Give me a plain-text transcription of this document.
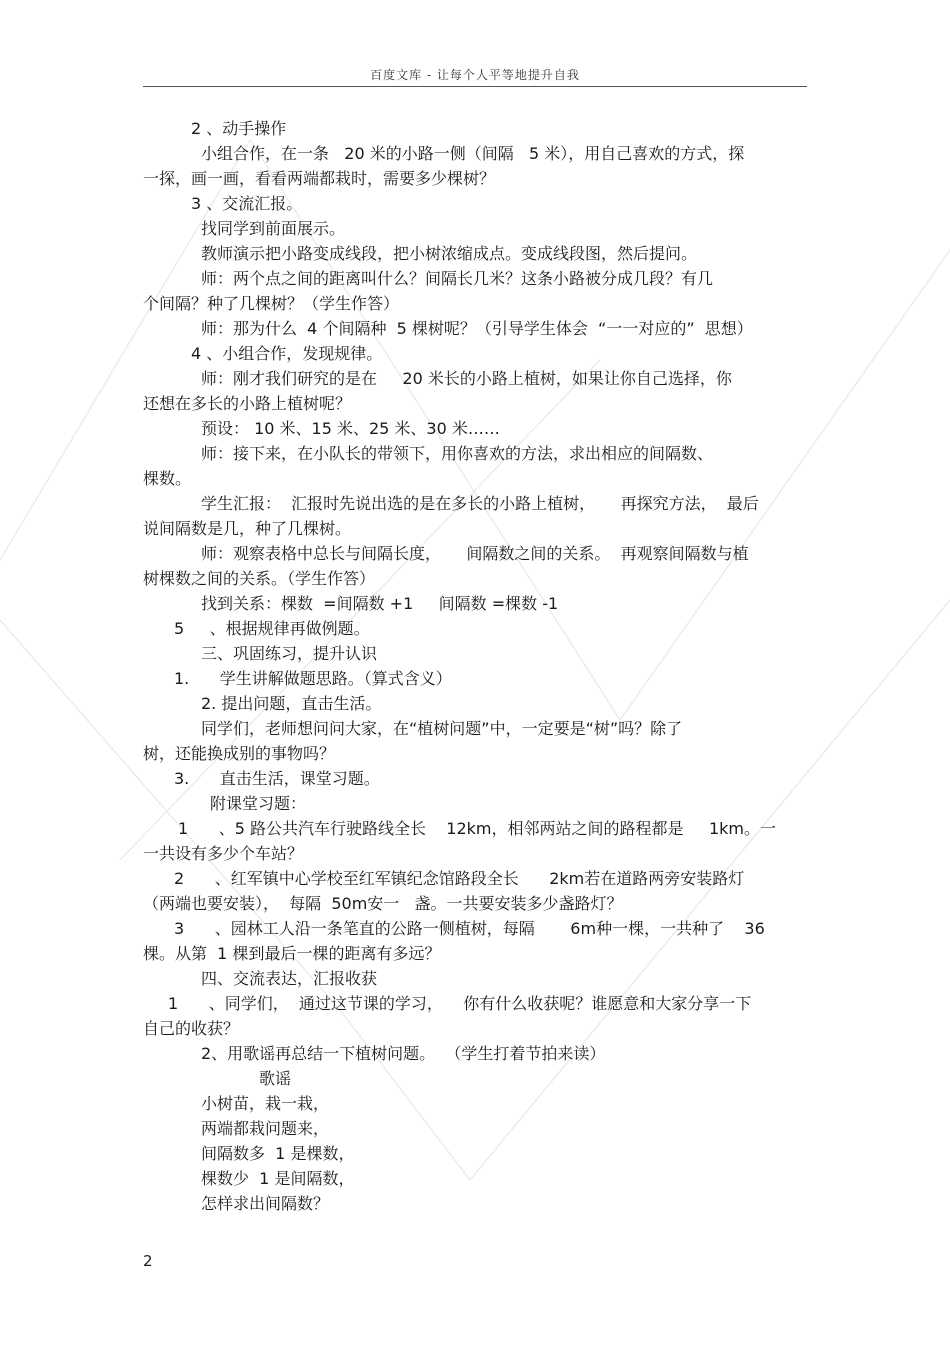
百度文库 - 让每个人平等地提升自我
2 、动手操作
小组合作，在一条   20 米的小路一侧（间隔   5 米），用自己喜欢的方式，探
一探，画一画，看看两端都栽时，需要多少棵树？
3 、交流汇报。
找同学到前面展示。
教师演示把小路变成线段，把小树浓缩成点。变成线段图，然后提问。
师：两个点之间的距离叫什么？间隔长几米？这条小路被分成几段？有几
个间隔？种了几棵树？（学生作答）
师：那为什么  4 个间隔种  5 棵树呢？（引导学生体会  “一一对应的”  思想）
4 、小组合作，发现规律。
师：刚才我们研究的是在     20 米长的小路上植树，如果让你自己选择，你
还想在多长的小路上植树呢？
预设： 10 米、15 米、25 米、30 米……
师：接下来，在小队长的带领下，用你喜欢的方法，求出相应的间隔数、
棵数。
学生汇报：  汇报时先说出选的是在多长的小路上植树，     再探究方法，  最后
说间隔数是几，种了几棵树。
师：观察表格中总长与间隔长度，     间隔数之间的关系。  再观察间隔数与植
树棵数之间的关系。（学生作答）
找到关系：棵数  =间隔数 +1     间隔数 =棵数 -1
5     、根据规律再做例题。
三、巩固练习，提升认识
1.      学生讲解做题思路。（算式含义）
2. 提出问题，直击生活。
同学们，老师想问问大家，在“植树问题”中，一定要是“树”吗？除了
树，还能换成别的事物吗？
3.      直击生活，课堂习题。
附课堂习题：
1      、5 路公共汽车行驶路线全长    12km，相邻两站之间的路程都是     1km。一
一共设有多少个车站？
2      、红军镇中心学校至红军镇纪念馆路段全长      2km若在道路两旁安装路灯
（两端也要安装），  每隔  50m安一   盏。一共要安装多少盏路灯？
3      、园林工人沿一条笔直的公路一侧植树，每隔       6m种一棵，一共种了    36
棵。从第  1 棵到最后一棵的距离有多远？
四、交流表达，汇报收获
1      、同学们，  通过这节课的学习，    你有什么收获呢？谁愿意和大家分享一下
自己的收获？
2、用歌谣再总结一下植树问题。  （学生打着节拍来读）
歌谣
小树苗，栽一栽，
两端都栽问题来，
间隔数多  1 是棵数，
棵数少  1 是间隔数，
怎样求出间隔数？
2
